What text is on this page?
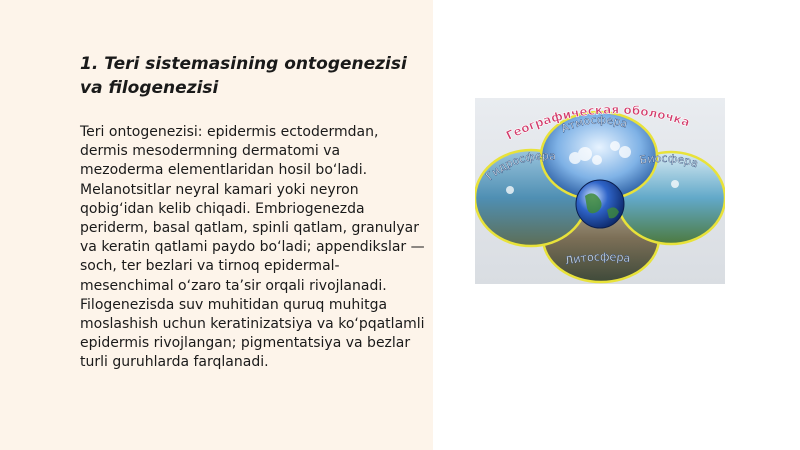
1. Teri sistemasining ontogenezisi va filogenezisi

Teri ontogenezisi: epidermis ectodermdan, dermis mesodermning dermatomi va mezoderma elementlaridan hosil bo‘ladi. Melanotsitlar neyral kamari yoki neyron qobig‘idan kelib chiqadi. Embriogenezda periderm, basal qatlam, spinli qatlam, granulyar va keratin qatlami paydo bo‘ladi; appendikslar — soch, ter bezlari va tirnoq epidermal-mesenchimal o‘zaro ta’sir orqali rivojlanadi. Filogenezisda suv muhitidan quruq muhitga moslashish uchun keratinizatsiya va ko‘pqatlamli epidermis rivojlangan; pigmentatsiya va bezlar turli guruhlarda farqlanadi.

Географическая оболочка
Атмосфера
Гидросфера	Биосфера
Литосфера
